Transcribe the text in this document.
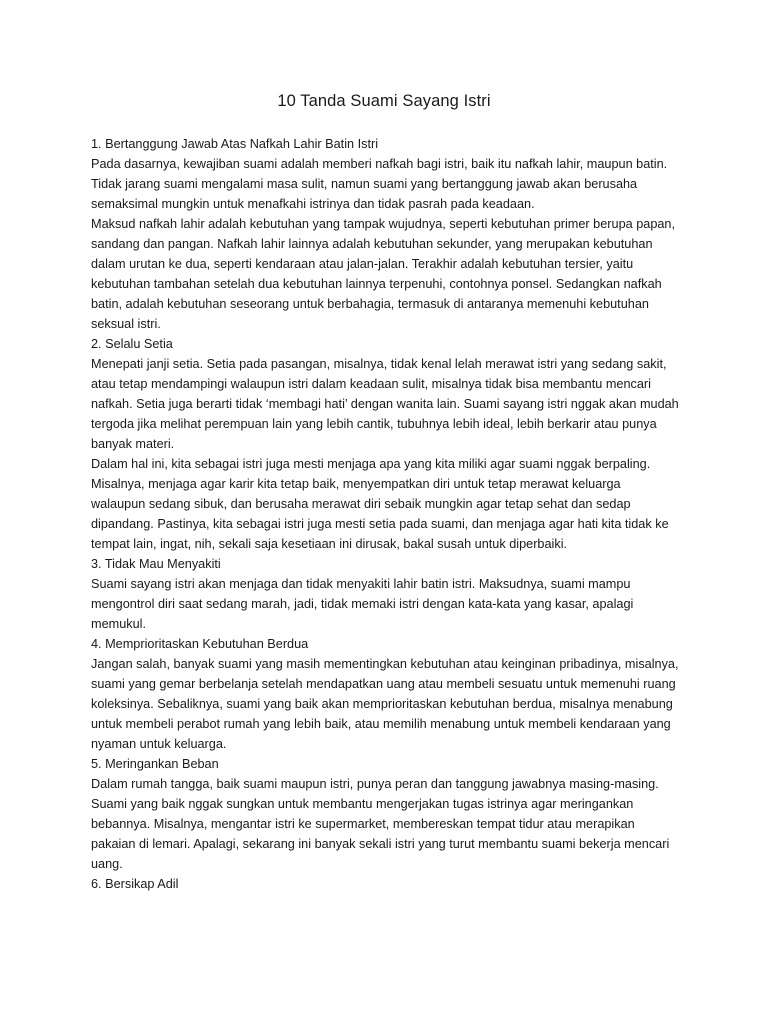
10 Tanda Suami Sayang Istri
1. Bertanggung Jawab Atas Nafkah Lahir Batin Istri
Pada dasarnya, kewajiban suami adalah memberi nafkah bagi istri, baik itu nafkah lahir, maupun batin.
Tidak jarang suami mengalami masa sulit, namun suami yang bertanggung jawab akan berusaha
semaksimal mungkin untuk menafkahi istrinya dan tidak pasrah pada keadaan.
Maksud nafkah lahir adalah kebutuhan yang tampak wujudnya, seperti kebutuhan primer berupa papan,
sandang dan pangan. Nafkah lahir lainnya adalah kebutuhan sekunder, yang merupakan kebutuhan
dalam urutan ke dua, seperti kendaraan atau jalan-jalan. Terakhir adalah kebutuhan tersier, yaitu
kebutuhan tambahan setelah dua kebutuhan lainnya terpenuhi, contohnya ponsel. Sedangkan nafkah
batin, adalah kebutuhan seseorang untuk berbahagia, termasuk di antaranya memenuhi kebutuhan
seksual istri.
2. Selalu Setia
Menepati janji setia. Setia pada pasangan, misalnya, tidak kenal lelah merawat istri yang sedang sakit,
atau tetap mendampingi walaupun istri dalam keadaan sulit, misalnya tidak bisa membantu mencari
nafkah. Setia juga berarti tidak ‘membagi hati’ dengan wanita lain. Suami sayang istri nggak akan mudah
tergoda jika melihat perempuan lain yang lebih cantik, tubuhnya lebih ideal, lebih berkarir atau punya
banyak materi.
Dalam hal ini, kita sebagai istri juga mesti menjaga apa yang kita miliki agar suami nggak berpaling.
Misalnya, menjaga agar karir kita tetap baik, menyempatkan diri untuk tetap merawat keluarga
walaupun sedang sibuk, dan berusaha merawat diri sebaik mungkin agar tetap sehat dan sedap
dipandang. Pastinya, kita sebagai istri juga mesti setia pada suami, dan menjaga agar hati kita tidak ke
tempat lain, ingat, nih, sekali saja kesetiaan ini dirusak, bakal susah untuk diperbaiki.
3. Tidak Mau Menyakiti
Suami sayang istri akan menjaga dan tidak menyakiti lahir batin istri. Maksudnya, suami mampu
mengontrol diri saat sedang marah, jadi, tidak memaki istri dengan kata-kata yang kasar, apalagi
memukul.
4. Memprioritaskan Kebutuhan Berdua
Jangan salah, banyak suami yang masih mementingkan kebutuhan atau keinginan pribadinya, misalnya,
suami yang gemar berbelanja setelah mendapatkan uang atau membeli sesuatu untuk memenuhi ruang
koleksinya. Sebaliknya, suami yang baik akan memprioritaskan kebutuhan berdua, misalnya menabung
untuk membeli perabot rumah yang lebih baik, atau memilih menabung untuk membeli kendaraan yang
nyaman untuk keluarga.
5. Meringankan Beban
Dalam rumah tangga, baik suami maupun istri, punya peran dan tanggung jawabnya masing-masing.
Suami yang baik nggak sungkan untuk membantu mengerjakan tugas istrinya agar meringankan
bebannya. Misalnya, mengantar istri ke supermarket, membereskan tempat tidur atau merapikan
pakaian di lemari. Apalagi, sekarang ini banyak sekali istri yang turut membantu suami bekerja mencari
uang.
6. Bersikap Adil
